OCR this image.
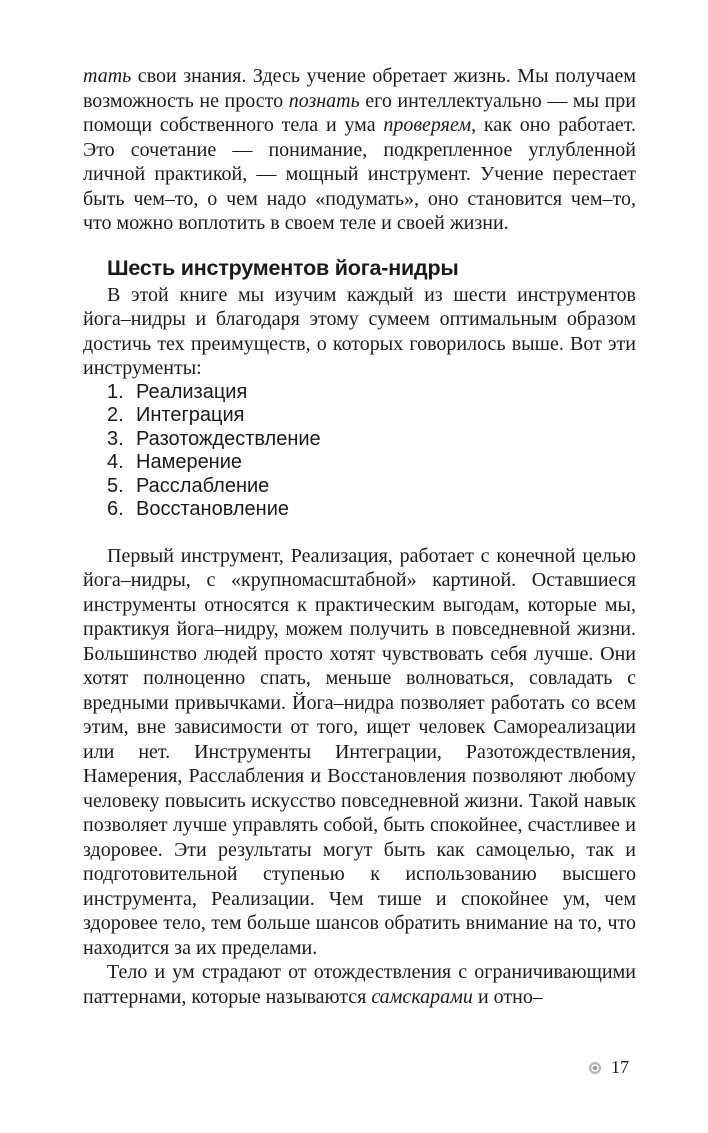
тать свои знания. Здесь учение обретает жизнь. Мы получаем возможность не просто познать его интеллектуально — мы при помощи собственного тела и ума проверяем, как оно работает. Это сочетание — понимание, подкрепленное углубленной личной практикой, — мощный инструмент. Учение перестает быть чем–то, о чем надо «подумать», оно становится чем–то, что можно воплотить в своем теле и своей жизни.

Шесть инструментов йога-нидры

В этой книге мы изучим каждый из шести инструментов йога–нидры и благодаря этому сумеем оптимальным образом достичь тех преимуществ, о которых говорилось выше. Вот эти инструменты:

1. Реализация
2. Интеграция
3. Разотождествление
4. Намерение
5. Расслабление
6. Восстановление

Первый инструмент, Реализация, работает с конечной целью йога–нидры, с «крупномасштабной» картиной. Оставшиеся инструменты относятся к практическим выгодам, которые мы, практикуя йога–нидру, можем получить в повседневной жизни. Большинство людей просто хотят чувствовать себя лучше. Они хотят полноценно спать, меньше волноваться, совладать с вредными привычками. Йога–нидра позволяет работать со всем этим, вне зависимости от того, ищет человек Самореализации или нет. Инструменты Интеграции, Разотождествления, Намерения, Расслабления и Восстановления позволяют любому человеку повысить искусство повседневной жизни. Такой навык позволяет лучше управлять собой, быть спокойнее, счастливее и здоровее. Эти результаты могут быть как самоцелью, так и подготовительной ступенью к использованию высшего инструмента, Реализации. Чем тише и спокойнее ум, чем здоровее тело, тем больше шансов обратить внимание на то, что находится за их пределами.

Тело и ум страдают от отождествления с ограничивающими паттернами, которые называются самскарами и отно–

17
